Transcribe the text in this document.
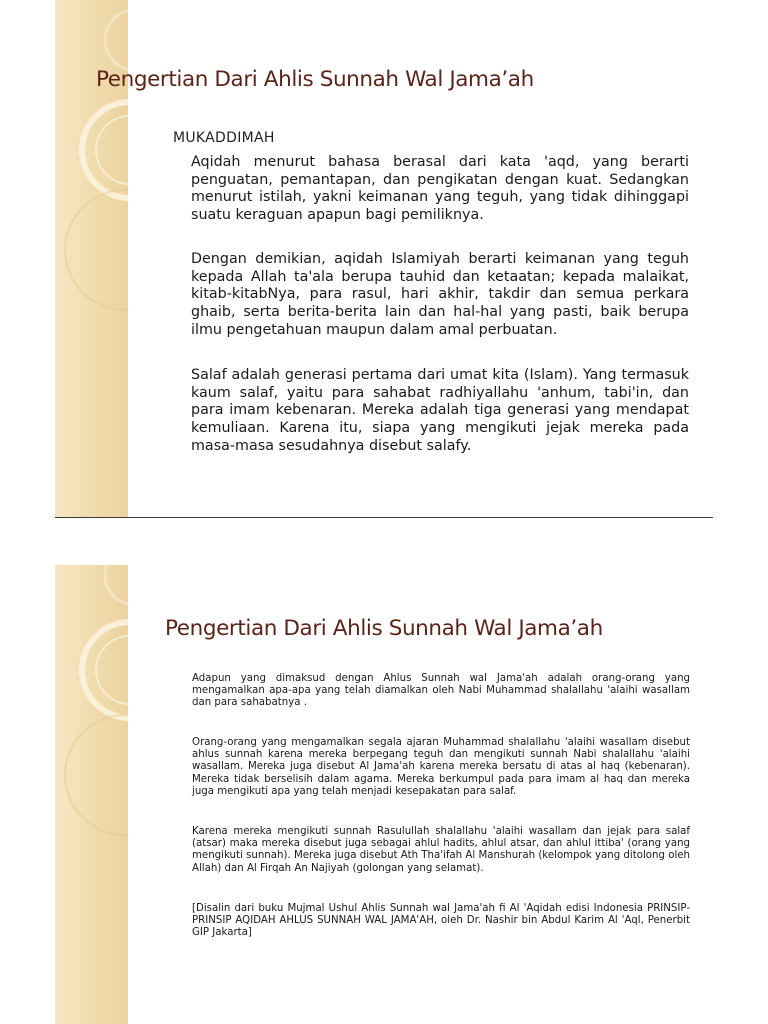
Pengertian Dari Ahlis Sunnah Wal Jama’ah
MUKADDIMAH

Aqidah menurut bahasa berasal dari kata 'aqd, yang berarti penguatan, pemantapan, dan pengikatan dengan kuat. Sedangkan menurut istilah, yakni keimanan yang teguh, yang tidak dihinggapi suatu keraguan apapun bagi pemiliknya.

Dengan demikian, aqidah Islamiyah berarti keimanan yang teguh kepada Allah ta'ala berupa tauhid dan ketaatan; kepada malaikat, kitab-kitabNya, para rasul, hari akhir, takdir dan semua perkara ghaib, serta berita-berita lain dan hal-hal yang pasti, baik berupa ilmu pengetahuan maupun dalam amal perbuatan.

Salaf adalah generasi pertama dari umat kita (Islam). Yang termasuk kaum salaf, yaitu para sahabat radhiyallahu 'anhum, tabi'in, dan para imam kebenaran. Mereka adalah tiga generasi yang mendapat kemuliaan. Karena itu, siapa yang mengikuti jejak mereka pada masa-masa sesudahnya disebut salafy.

Pengertian Dari Ahlis Sunnah Wal Jama’ah

Adapun yang dimaksud dengan Ahlus Sunnah wal Jama'ah adalah orang-orang yang mengamalkan apa-apa yang telah diamalkan oleh Nabi Muhammad shalallahu 'alaihi wasallam dan para sahabatnya .

Orang-orang yang mengamalkan segala ajaran Muhammad shalallahu 'alaihi wasallam disebut ahlus sunnah karena mereka berpegang teguh dan mengikuti sunnah Nabi shalallahu 'alaihi wasallam. Mereka juga disebut Al Jama'ah karena mereka bersatu di atas al haq (kebenaran). Mereka tidak berselisih dalam agama. Mereka berkumpul pada para imam al haq dan mereka juga mengikuti apa yang telah menjadi kesepakatan para salaf.

Karena mereka mengikuti sunnah Rasulullah shalallahu 'alaihi wasallam dan jejak para salaf (atsar) maka mereka disebut juga sebagai ahlul hadits, ahlul atsar, dan ahlul ittiba' (orang yang mengikuti sunnah). Mereka juga disebut Ath Tha'ifah Al Manshurah (kelompok yang ditolong oleh Allah) dan Al Firqah An Najiyah (golongan yang selamat).

[Disalin dari buku Mujmal Ushul Ahlis Sunnah wal Jama'ah fi Al 'Aqidah edisi Indonesia PRINSIP-PRINSIP AQIDAH AHLUS SUNNAH WAL JAMA'AH, oleh Dr. Nashir bin Abdul Karim Al 'Aql, Penerbit GIP Jakarta]
